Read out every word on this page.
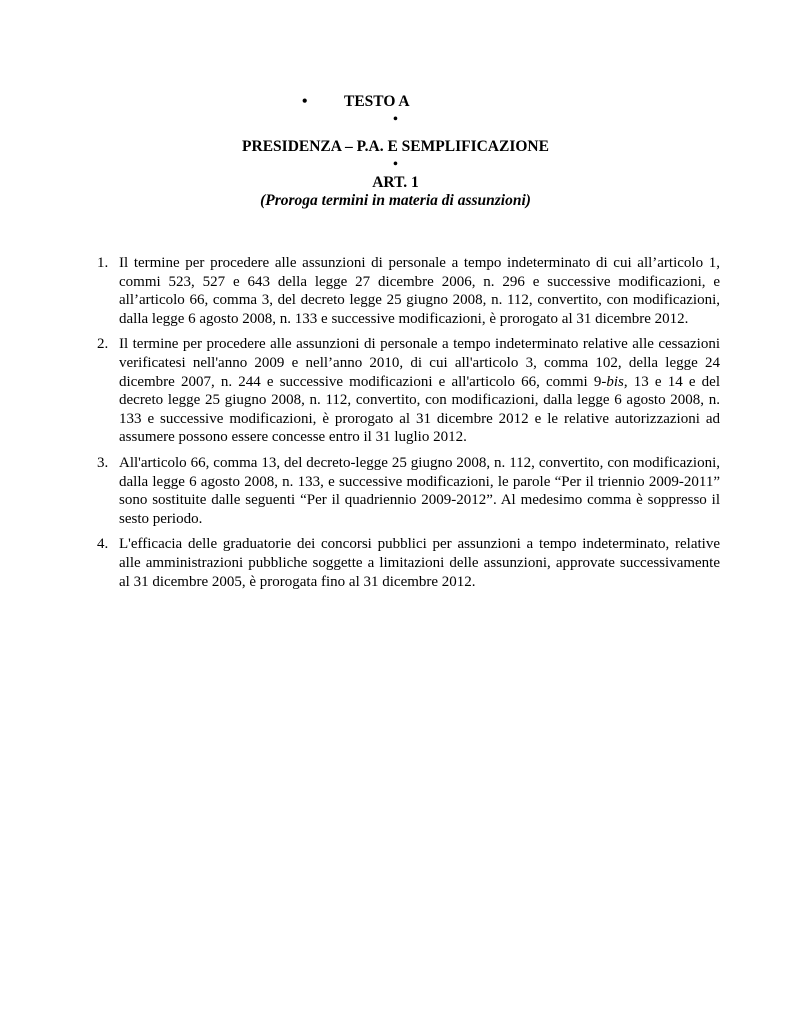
• TESTO A
•
PRESIDENZA – P.A. E SEMPLIFICAZIONE
•
ART. 1
(Proroga termini in materia di assunzioni)
1. Il termine per procedere alle assunzioni di personale a tempo indeterminato di cui all’articolo 1, commi 523, 527 e 643 della legge 27 dicembre 2006, n. 296 e successive modificazioni, e all’articolo 66, comma 3, del decreto legge 25 giugno 2008, n. 112, convertito, con modificazioni, dalla legge 6 agosto 2008, n. 133 e successive modificazioni, è prorogato al 31 dicembre 2012.
2. Il termine per procedere alle assunzioni di personale a tempo indeterminato relative alle cessazioni verificatesi nell'anno 2009 e nell’anno 2010, di cui all'articolo 3, comma 102, della legge 24 dicembre 2007, n. 244 e successive modificazioni e all'articolo 66, commi 9-bis, 13 e 14 e del decreto legge 25 giugno 2008, n. 112, convertito, con modificazioni, dalla legge 6 agosto 2008, n. 133 e successive modificazioni, è prorogato al 31 dicembre 2012 e le relative autorizzazioni ad assumere possono essere concesse entro il 31 luglio 2012.
3. All'articolo 66, comma 13, del decreto-legge 25 giugno 2008, n. 112, convertito, con modificazioni, dalla legge 6 agosto 2008, n. 133, e successive modificazioni, le parole “Per il triennio 2009-2011” sono sostituite dalle seguenti “Per il quadriennio 2009-2012”. Al medesimo comma è soppresso il sesto periodo.
4. L'efficacia delle graduatorie dei concorsi pubblici per assunzioni a tempo indeterminato, relative alle amministrazioni pubbliche soggette a limitazioni delle assunzioni, approvate successivamente al 31 dicembre 2005, è prorogata fino al 31 dicembre 2012.
